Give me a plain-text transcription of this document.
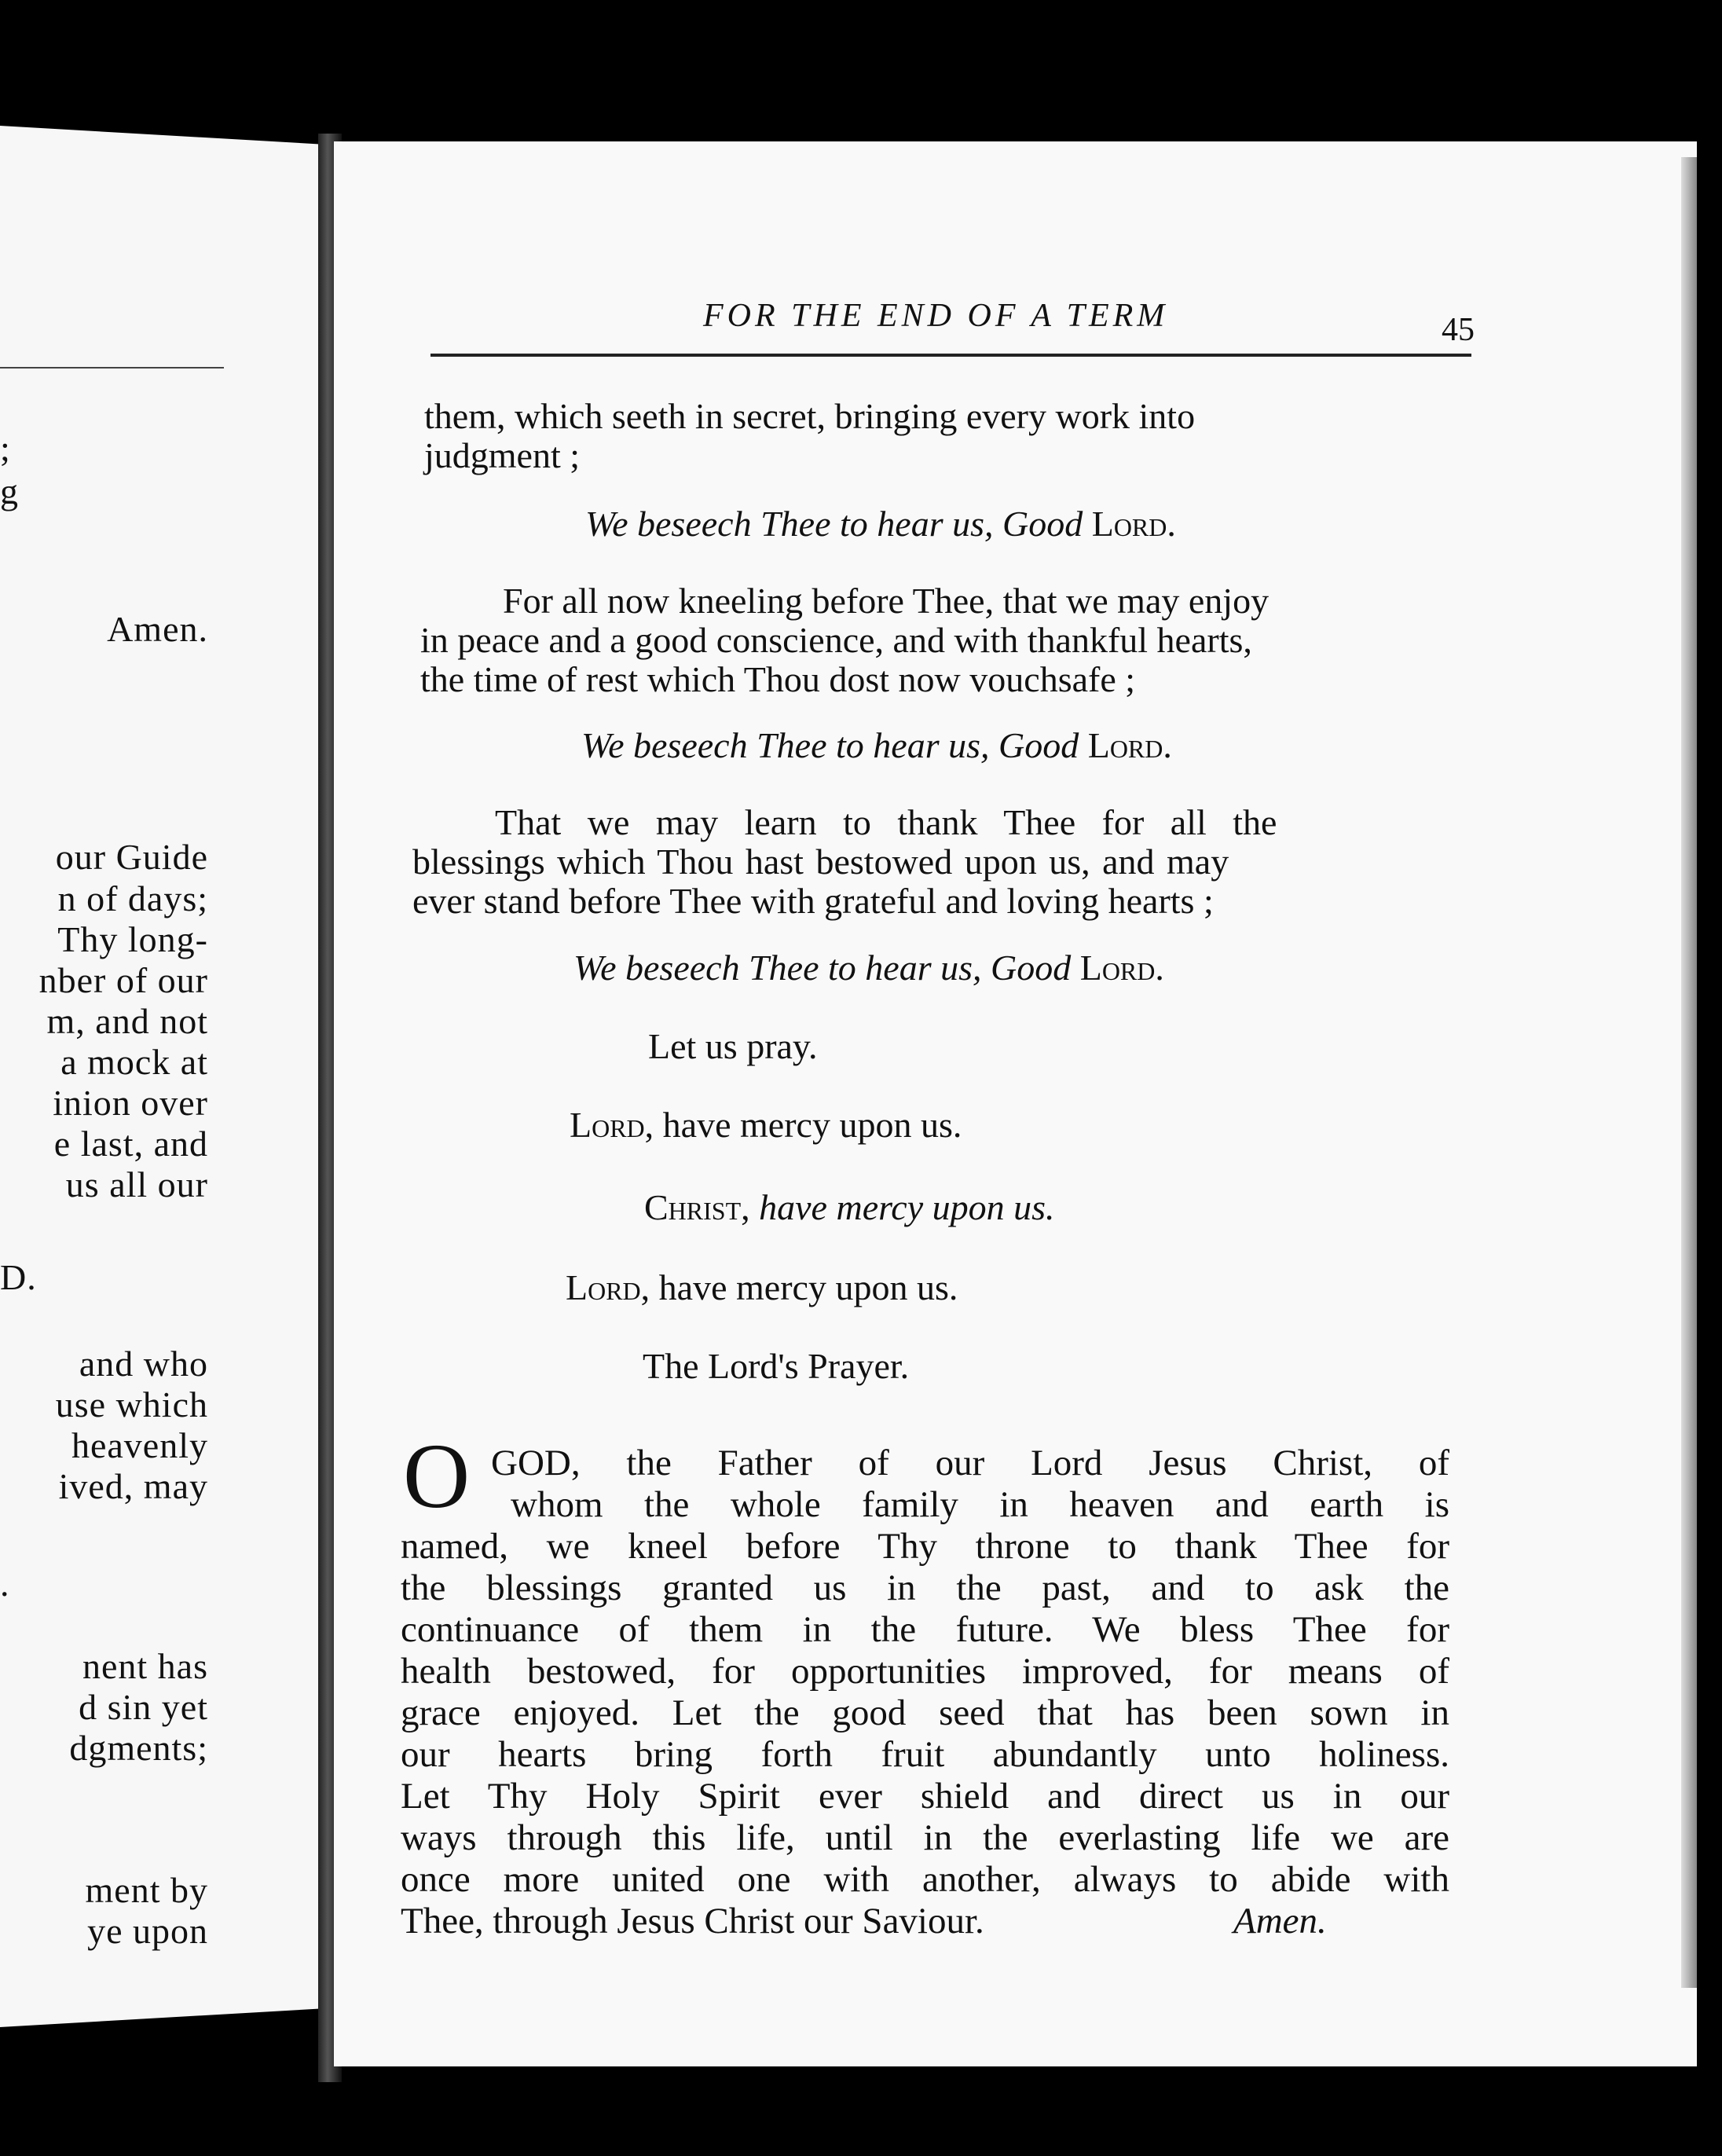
;
g
Amen.
our Guide
n of days;
Thy long-
nber of our
m, and not
a mock at
inion over
e last, and
us all our
D.
and who
use which
heavenly
ived, may
.
nent has
d sin yet
dgments;
ment by
ye upon
FOR THE END OF A TERM	45
them, which seeth in secret, bringing every work into
judgment ;
We beseech Thee to hear us, Good Lord.
For all now kneeling before Thee, that we may enjoy
in peace and a good conscience, and with thankful hearts,
the time of rest which Thou dost now vouchsafe ;
We beseech Thee to hear us, Good Lord.
That we may learn to thank Thee for all the
blessings which Thou hast bestowed upon us, and may
ever stand before Thee with grateful and loving hearts ;
We beseech Thee to hear us, Good Lord.
Let us pray.
Lord, have mercy upon us.
Christ, have mercy upon us.
Lord, have mercy upon us.
The Lord's Prayer.
O GOD, the Father of our Lord Jesus Christ, of
whom the whole family in heaven and earth is
named, we kneel before Thy throne to thank Thee for
the blessings granted us in the past, and to ask the
continuance of them in the future. We bless Thee for
health bestowed, for opportunities improved, for means of
grace enjoyed. Let the good seed that has been sown in
our hearts bring forth fruit abundantly unto holiness.
Let Thy Holy Spirit ever shield and direct us in our
ways through this life, until in the everlasting life we are
once more united one with another, always to abide with
Thee, through Jesus Christ our Saviour.	Amen.
